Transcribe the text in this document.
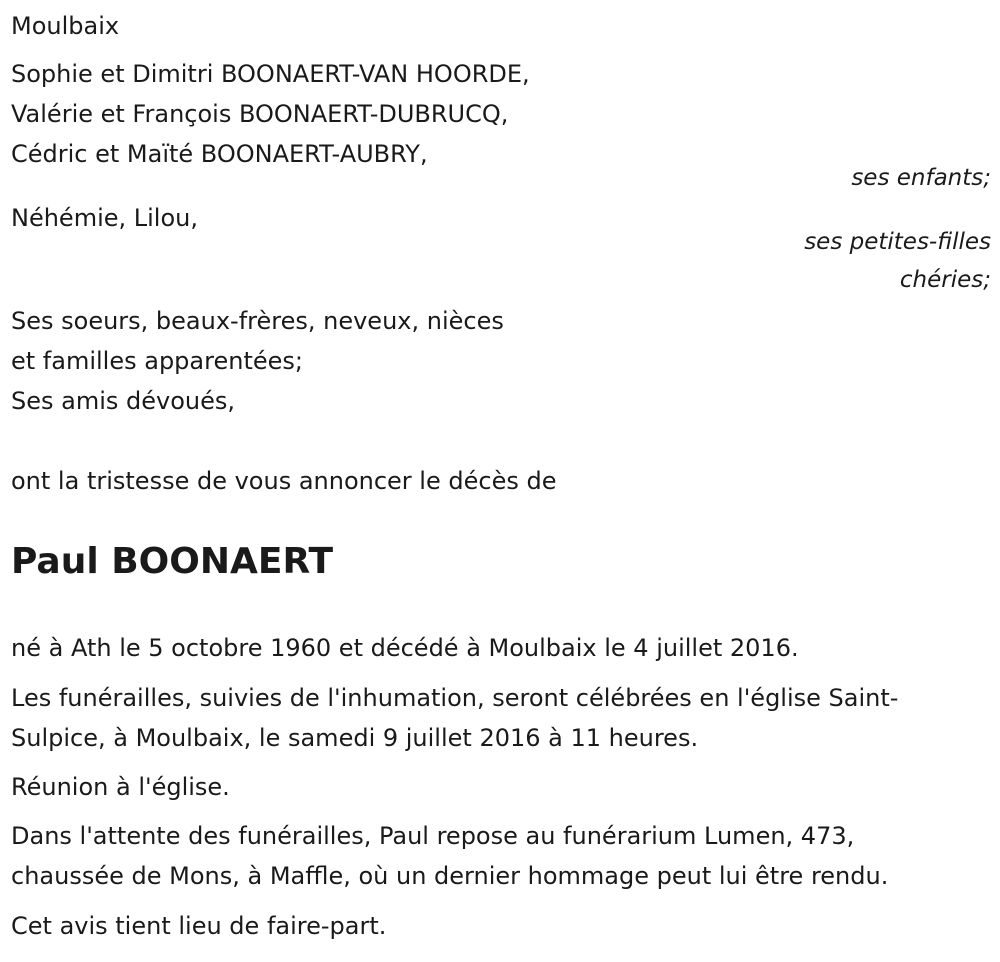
Moulbaix
Sophie et Dimitri BOONAERT-VAN HOORDE,
Valérie et François BOONAERT-DUBRUCQ,
Cédric et Maïté BOONAERT-AUBRY,
ses enfants;
Néhémie, Lilou,
ses petites-filles
chéries;
Ses soeurs, beaux-frères, neveux, nièces
et familles apparentées;
Ses amis dévoués,
ont la tristesse de vous annoncer le décès de
Paul BOONAERT
né à Ath le 5 octobre 1960 et décédé à Moulbaix le 4 juillet 2016.
Les funérailles, suivies de l'inhumation, seront célébrées en l'église Saint-
Sulpice, à Moulbaix, le samedi 9 juillet 2016 à 11 heures.
Réunion à l'église.
Dans l'attente des funérailles, Paul repose au funérarium Lumen, 473,
chaussée de Mons, à Maffle, où un dernier hommage peut lui être rendu.
Cet avis tient lieu de faire-part.
